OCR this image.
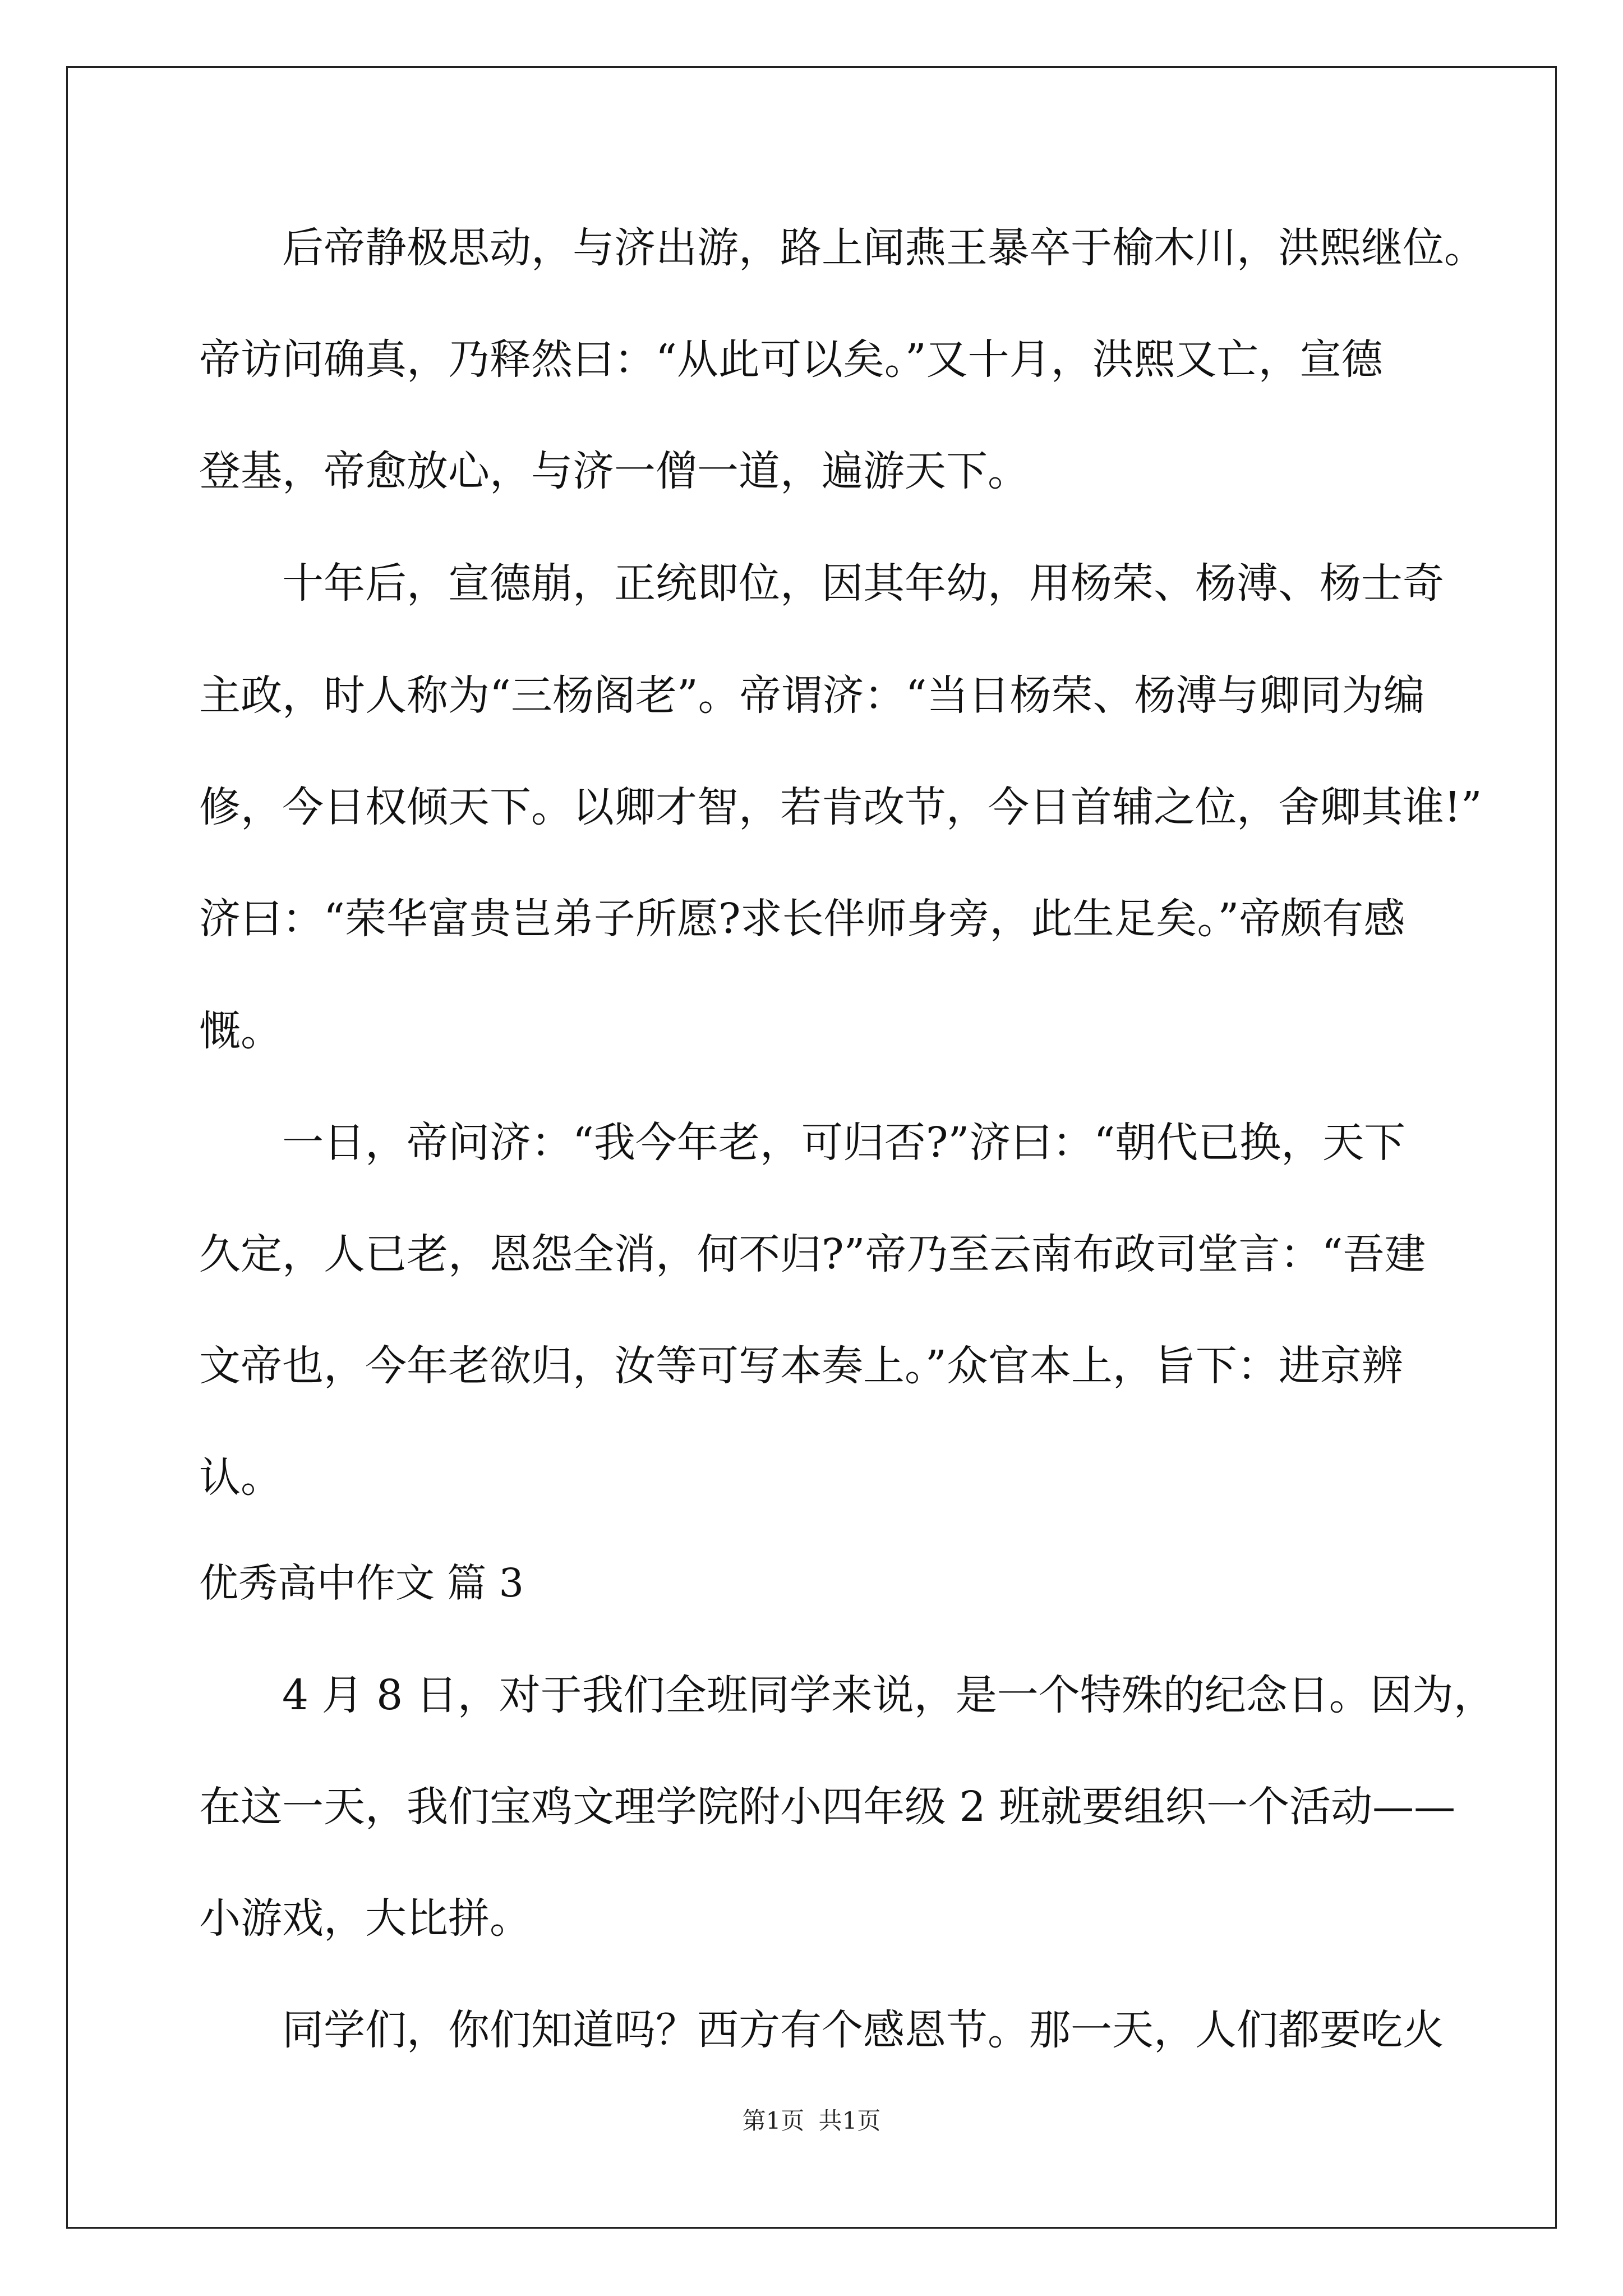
后帝静极思动，与济出游，路上闻燕王暴卒于榆木川，洪熙继位。
帝访问确真，乃释然曰：“从此可以矣。”又十月，洪熙又亡，宣德
登基，帝愈放心，与济一僧一道，遍游天下。
十年后，宣德崩，正统即位，因其年幼，用杨荣、杨溥、杨士奇
主政，时人称为“三杨阁老”。帝谓济：“当日杨荣、杨溥与卿同为编
修，今日权倾天下。以卿才智，若肯改节，今日首辅之位，舍卿其谁!”
济曰：“荣华富贵岂弟子所愿?求长伴师身旁，此生足矣。”帝颇有感
慨。
一日，帝问济：“我今年老，可归否?”济曰：“朝代已换，天下
久定，人已老，恩怨全消，何不归?”帝乃至云南布政司堂言：“吾建
文帝也，今年老欲归，汝等可写本奏上。”众官本上，旨下：进京辨
认。
优秀高中作文 篇 3
4 月 8 日，对于我们全班同学来说，是一个特殊的纪念日。因为，
在这一天，我们宝鸡文理学院附小四年级 2 班就要组织一个活动——
小游戏，大比拼。
同学们，你们知道吗？西方有个感恩节。那一天，人们都要吃火
第1页 共1页
